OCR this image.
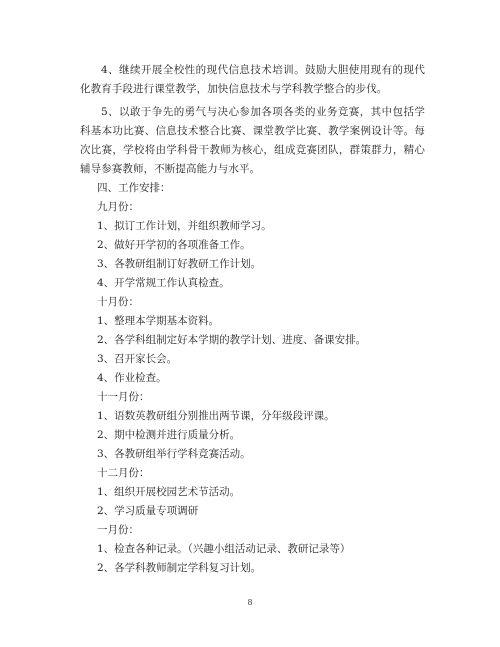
4、继续开展全校性的现代信息技术培训。鼓励大胆使用现有的现代化教育手段进行课堂教学，加快信息技术与学科教学整合的步伐。

5、以敢于争先的勇气与决心参加各项各类的业务竞赛，其中包括学科基本功比赛、信息技术整合比赛、课堂教学比赛、教学案例设计等。每次比赛，学校将由学科骨干教师为核心，组成竞赛团队，群策群力，精心辅导参赛教师，不断提高能力与水平。

四、工作安排：

九月份：

1、拟订工作计划，并组织教师学习。

2、做好开学初的各项准备工作。

3、各教研组制订好教研工作计划。

4、开学常规工作认真检查。

十月份：

1、整理本学期基本资料。

2、各学科组制定好本学期的教学计划、进度、备课安排。

3、召开家长会。

4、作业检查。

十一月份：

1、语数英教研组分别推出两节课，分年级段评课。

2、期中检测并进行质量分析。

3、各教研组举行学科竞赛活动。

十二月份：

1、组织开展校园艺术节活动。

2、学习质量专项调研

一月份：

1、检查各种记录。（兴趣小组活动记录、教研记录等）

2、各学科教师制定学科复习计划。

8
